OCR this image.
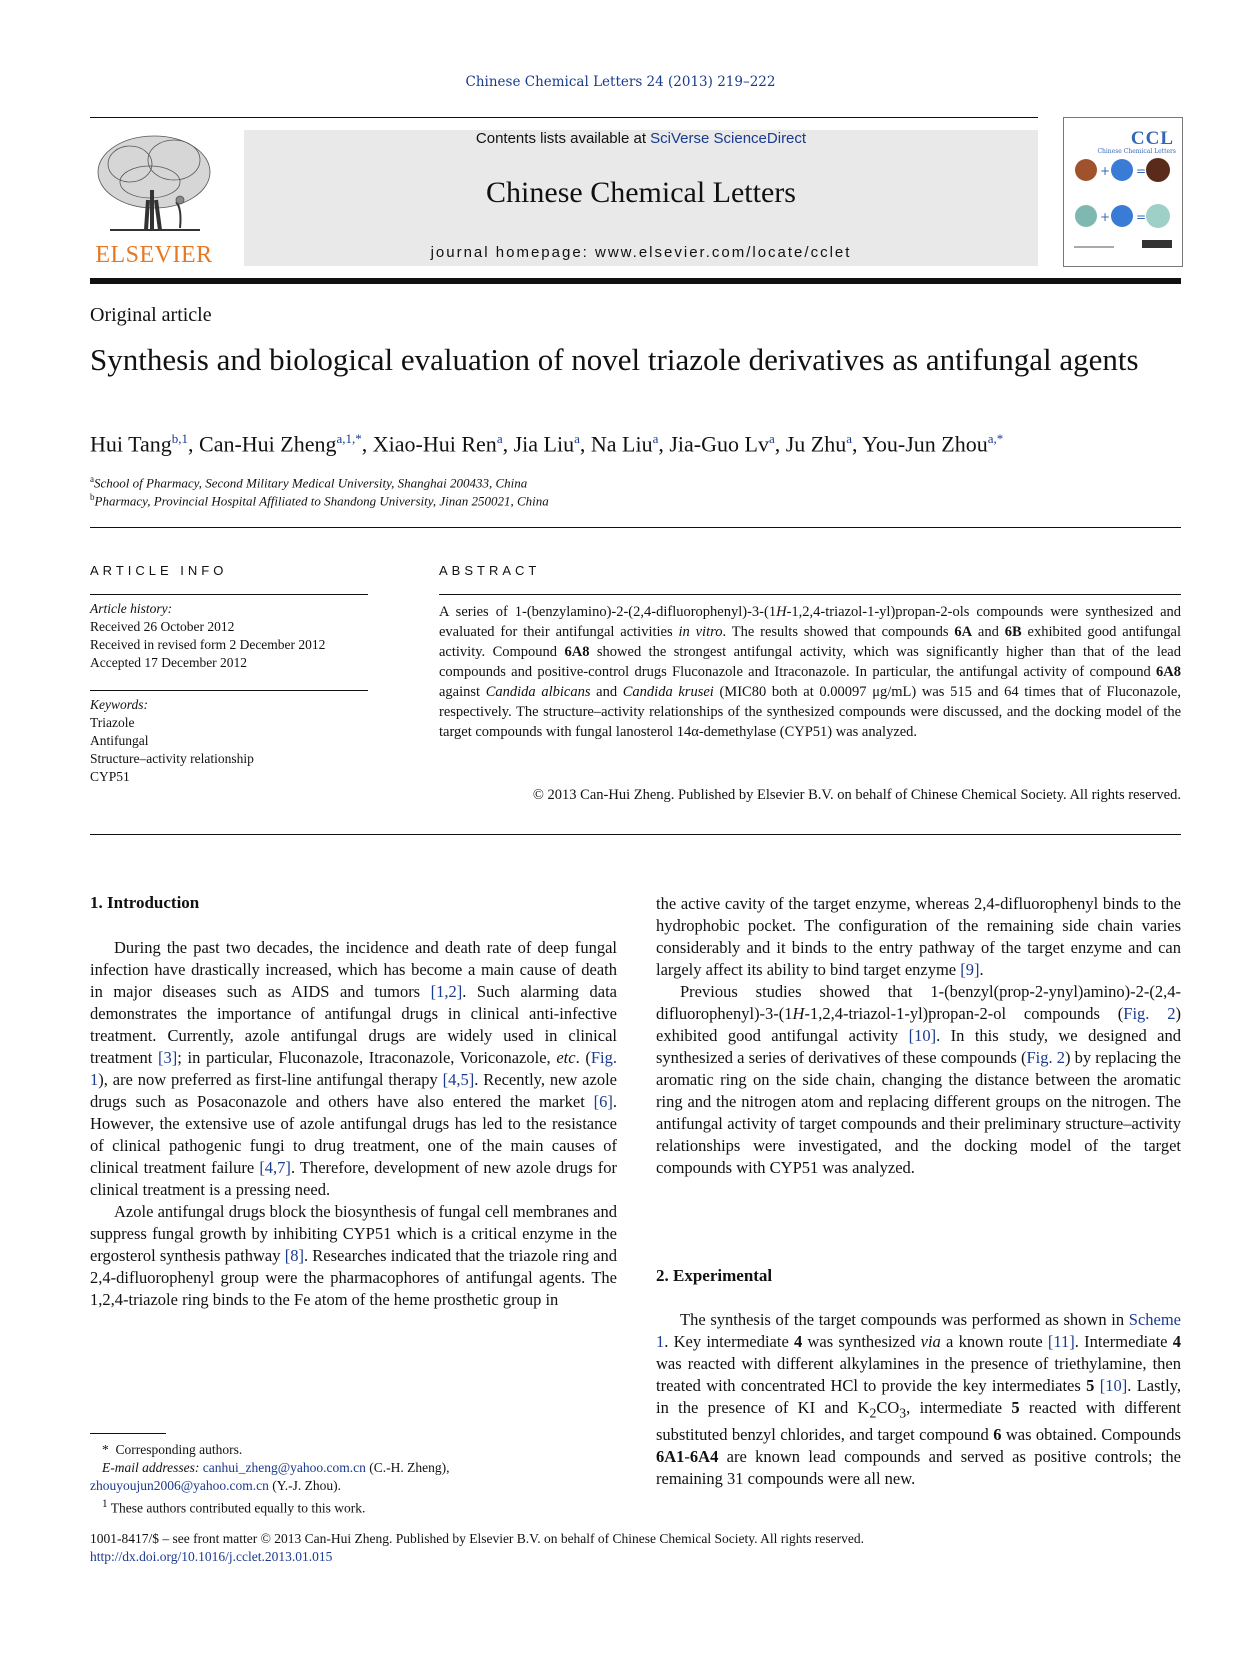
Chinese Chemical Letters 24 (2013) 219–222
ELSEVIER
Contents lists available at SciVerse ScienceDirect
Chinese Chemical Letters
journal homepage: www.elsevier.com/locate/cclet
CCL
Chinese Chemical Letters
+ =
+ =
Original article
Synthesis and biological evaluation of novel triazole derivatives as antifungal agents
Hui Tang$^{b,1}$, Can-Hui Zheng$^{a,1,*}$, Xiao-Hui Ren$^a$, Jia Liu$^a$, Na Liu$^a$, Jia-Guo Lv$^a$, Ju Zhu$^a$, You-Jun Zhou$^{a,*}$
$^a$School of Pharmacy, Second Military Medical University, Shanghai 200433, China
$^b$Pharmacy, Provincial Hospital Affiliated to Shandong University, Jinan 250021, China
ARTICLE INFO
Article history:
Received 26 October 2012
Received in revised form 2 December 2012
Accepted 17 December 2012
Keywords:
Triazole
Antifungal
Structure–activity relationship
CYP51
ABSTRACT
A series of 1-(benzylamino)-2-(2,4-difluorophenyl)-3-(1H-1,2,4-triazol-1-yl)propan-2-ols compounds were synthesized and evaluated for their antifungal activities in vitro. The results showed that compounds 6A and 6B exhibited good antifungal activity. Compound 6A8 showed the strongest antifungal activity, which was significantly higher than that of the lead compounds and positive-control drugs Fluconazole and Itraconazole. In particular, the antifungal activity of compound 6A8 against Candida albicans and Candida krusei (MIC80 both at 0.00097 μg/mL) was 515 and 64 times that of Fluconazole, respectively. The structure–activity relationships of the synthesized compounds were discussed, and the docking model of the target compounds with fungal lanosterol 14α-demethylase (CYP51) was analyzed.
© 2013 Can-Hui Zheng. Published by Elsevier B.V. on behalf of Chinese Chemical Society. All rights reserved.
1. Introduction

During the past two decades, the incidence and death rate of deep fungal infection have drastically increased, which has become a main cause of death in major diseases such as AIDS and tumors [1,2]. Such alarming data demonstrates the importance of antifungal drugs in clinical anti-infective treatment. Currently, azole antifungal drugs are widely used in clinical treatment [3]; in particular, Fluconazole, Itraconazole, Voriconazole, etc. (Fig. 1), are now preferred as first-line antifungal therapy [4,5]. Recently, new azole drugs such as Posaconazole and others have also entered the market [6]. However, the extensive use of azole antifungal drugs has led to the resistance of clinical pathogenic fungi to drug treatment, one of the main causes of clinical treatment failure [4,7]. Therefore, development of new azole drugs for clinical treatment is a pressing need.

Azole antifungal drugs block the biosynthesis of fungal cell membranes and suppress fungal growth by inhibiting CYP51 which is a critical enzyme in the ergosterol synthesis pathway [8]. Researches indicated that the triazole ring and 2,4-difluorophenyl group were the pharmacophores of antifungal agents. The 1,2,4-triazole ring binds to the Fe atom of the heme prosthetic group in

the active cavity of the target enzyme, whereas 2,4-difluorophenyl binds to the hydrophobic pocket. The configuration of the remaining side chain varies considerably and it binds to the entry pathway of the target enzyme and can largely affect its ability to bind target enzyme [9].

Previous studies showed that 1-(benzyl(prop-2-ynyl)amino)-2-(2,4-difluorophenyl)-3-(1H-1,2,4-triazol-1-yl)propan-2-ol compounds (Fig. 2) exhibited good antifungal activity [10]. In this study, we designed and synthesized a series of derivatives of these compounds (Fig. 2) by replacing the aromatic ring on the side chain, changing the distance between the aromatic ring and the nitrogen atom and replacing different groups on the nitrogen. The antifungal activity of target compounds and their preliminary structure–activity relationships were investigated, and the docking model of the target compounds with CYP51 was analyzed.

2. Experimental

The synthesis of the target compounds was performed as shown in Scheme 1. Key intermediate 4 was synthesized via a known route [11]. Intermediate 4 was reacted with different alkylamines in the presence of triethylamine, then treated with concentrated HCl to provide the key intermediates 5 [10]. Lastly, in the presence of KI and $K_2CO_3$, intermediate 5 reacted with different substituted benzyl chlorides, and target compound 6 was obtained. Compounds 6A1-6A4 are known lead compounds and served as positive controls; the remaining 31 compounds were all new.

*  Corresponding authors.
E-mail addresses: canhui_zheng@yahoo.com.cn (C.-H. Zheng),
zhouyoujun2006@yahoo.com.cn (Y.-J. Zhou).
$^1$ These authors contributed equally to this work.
1001-8417/$ – see front matter © 2013 Can-Hui Zheng. Published by Elsevier B.V. on behalf of Chinese Chemical Society. All rights reserved.
http://dx.doi.org/10.1016/j.cclet.2013.01.015
